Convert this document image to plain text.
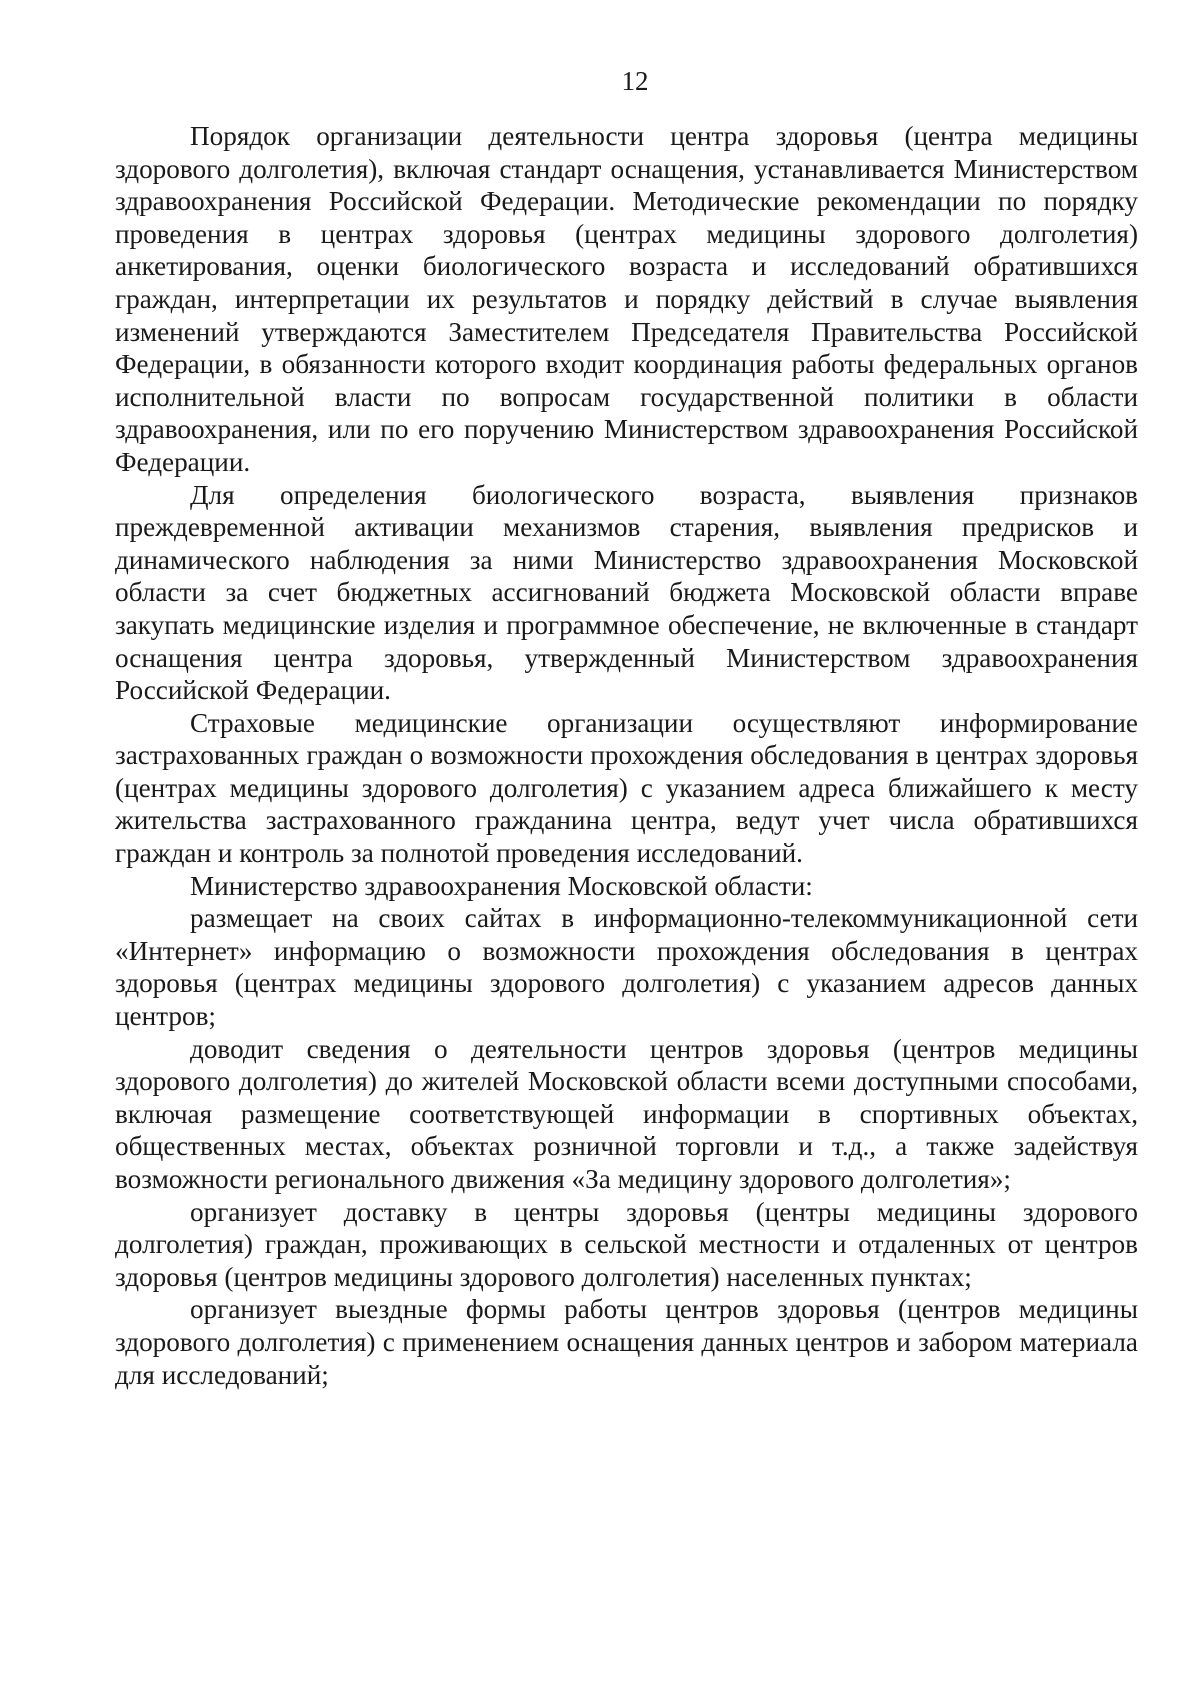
12

Порядок организации деятельности центра здоровья (центра медицины здорового долголетия), включая стандарт оснащения, устанавливается Министерством здравоохранения Российской Федерации. Методические рекомендации по порядку проведения в центрах здоровья (центрах медицины здорового долголетия) анкетирования, оценки биологического возраста и исследований обратившихся граждан, интерпретации их результатов и порядку действий в случае выявления изменений утверждаются Заместителем Председателя Правительства Российской Федерации, в обязанности которого входит координация работы федеральных органов исполнительной власти по вопросам государственной политики в области здравоохранения, или по его поручению Министерством здравоохранения Российской Федерации.

Для определения биологического возраста, выявления признаков преждевременной активации механизмов старения, выявления предрисков и динамического наблюдения за ними Министерство здравоохранения Московской области за счет бюджетных ассигнований бюджета Московской области вправе закупать медицинские изделия и программное обеспечение, не включенные в стандарт оснащения центра здоровья, утвержденный Министерством здравоохранения Российской Федерации.

Страховые медицинские организации осуществляют информирование застрахованных граждан о возможности прохождения обследования в центрах здоровья (центрах медицины здорового долголетия) с указанием адреса ближайшего к месту жительства застрахованного гражданина центра, ведут учет числа обратившихся граждан и контроль за полнотой проведения исследований.

Министерство здравоохранения Московской области:

размещает на своих сайтах в информационно-телекоммуникационной сети «Интернет» информацию о возможности прохождения обследования в центрах здоровья (центрах медицины здорового долголетия) с указанием адресов данных центров;

доводит сведения о деятельности центров здоровья (центров медицины здорового долголетия) до жителей Московской области всеми доступными способами, включая размещение соответствующей информации в спортивных объектах, общественных местах, объектах розничной торговли и т.д., а также задействуя возможности регионального движения «За медицину здорового долголетия»;

организует доставку в центры здоровья (центры медицины здорового долголетия) граждан, проживающих в сельской местности и отдаленных от центров здоровья (центров медицины здорового долголетия) населенных пунктах;

организует выездные формы работы центров здоровья (центров медицины здорового долголетия) с применением оснащения данных центров и забором материала для исследований;
